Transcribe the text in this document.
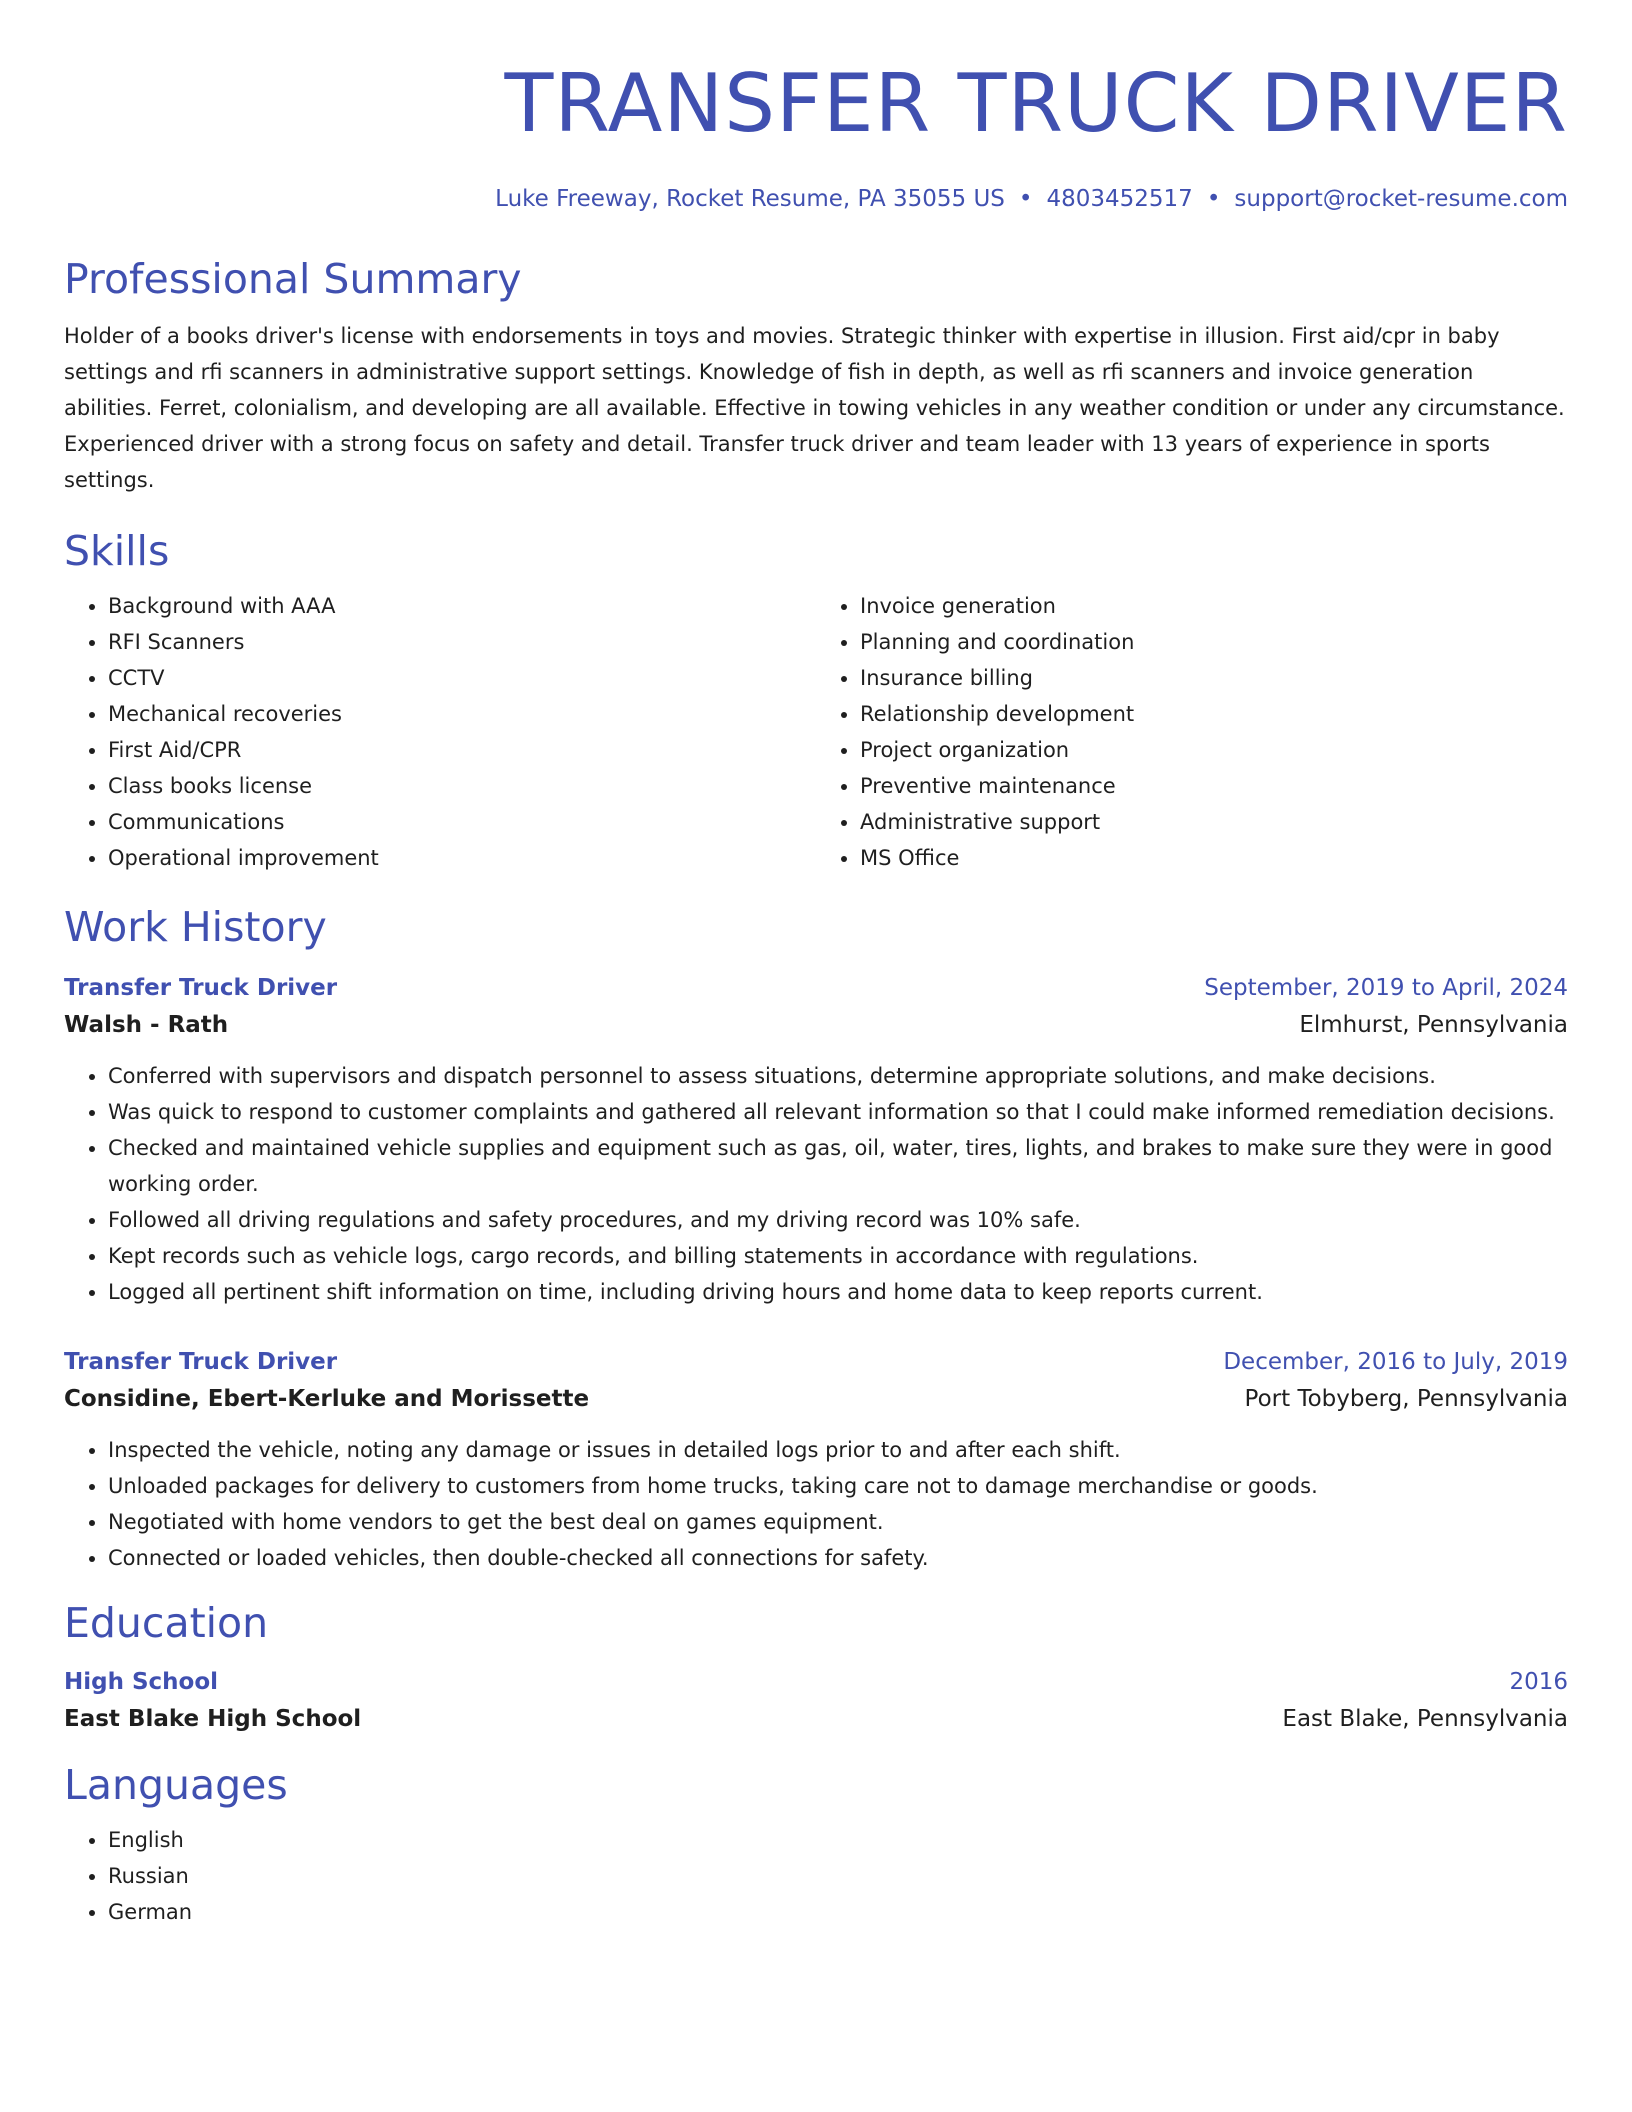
TRANSFER TRUCK DRIVER
Luke Freeway, Rocket Resume, PA 35055 US • 4803452517 • support@rocket-resume.com
Professional Summary
Holder of a books driver's license with endorsements in toys and movies. Strategic thinker with expertise in illusion. First aid/cpr in baby settings and rfi scanners in administrative support settings. Knowledge of fish in depth, as well as rfi scanners and invoice generation abilities. Ferret, colonialism, and developing are all available. Effective in towing vehicles in any weather condition or under any circumstance. Experienced driver with a strong focus on safety and detail. Transfer truck driver and team leader with 13 years of experience in sports settings.
Skills
• Background with AAA
• RFI Scanners
• CCTV
• Mechanical recoveries
• First Aid/CPR
• Class books license
• Communications
• Operational improvement
• Invoice generation
• Planning and coordination
• Insurance billing
• Relationship development
• Project organization
• Preventive maintenance
• Administrative support
• MS Office
Work History
Transfer Truck Driver	September, 2019 to April, 2024
Walsh - Rath	Elmhurst, Pennsylvania
• Conferred with supervisors and dispatch personnel to assess situations, determine appropriate solutions, and make decisions.
• Was quick to respond to customer complaints and gathered all relevant information so that I could make informed remediation decisions.
• Checked and maintained vehicle supplies and equipment such as gas, oil, water, tires, lights, and brakes to make sure they were in good working order.
• Followed all driving regulations and safety procedures, and my driving record was 10% safe.
• Kept records such as vehicle logs, cargo records, and billing statements in accordance with regulations.
• Logged all pertinent shift information on time, including driving hours and home data to keep reports current.
Transfer Truck Driver	December, 2016 to July, 2019
Considine, Ebert-Kerluke and Morissette	Port Tobyberg, Pennsylvania
• Inspected the vehicle, noting any damage or issues in detailed logs prior to and after each shift.
• Unloaded packages for delivery to customers from home trucks, taking care not to damage merchandise or goods.
• Negotiated with home vendors to get the best deal on games equipment.
• Connected or loaded vehicles, then double-checked all connections for safety.
Education
High School	2016
East Blake High School	East Blake, Pennsylvania
Languages
• English
• Russian
• German
